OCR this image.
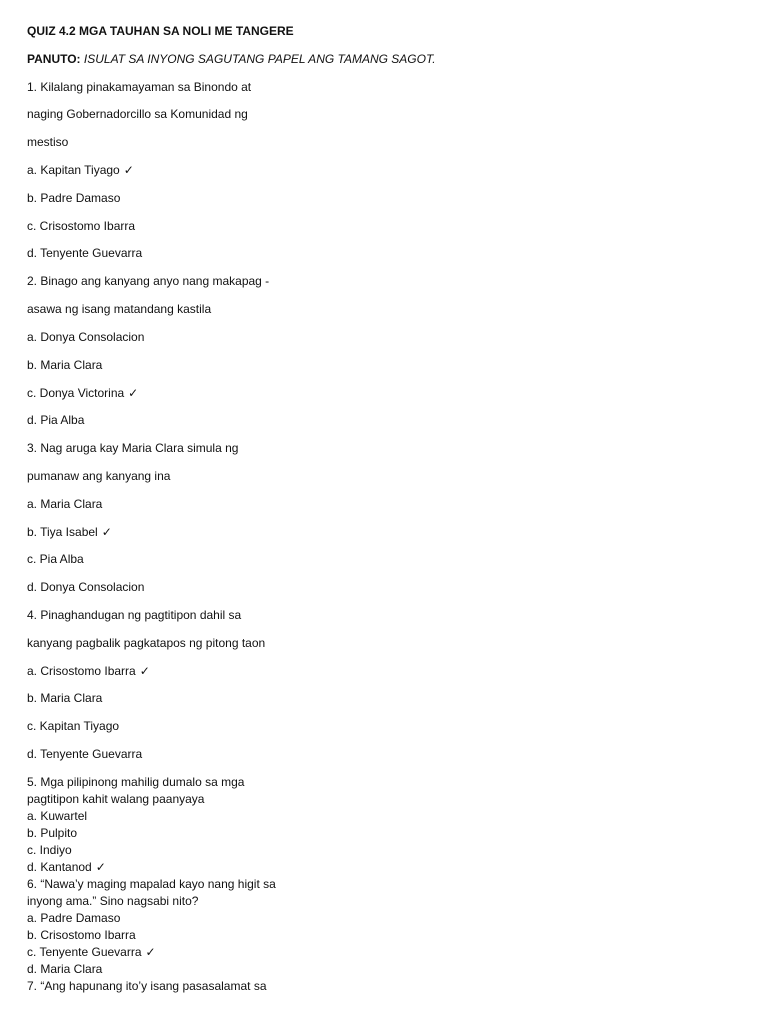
QUIZ 4.2 MGA TAUHAN SA NOLI ME TANGERE
PANUTO: ISULAT SA INYONG SAGUTANG PAPEL ANG TAMANG SAGOT.
1. Kilalang pinakamayaman sa Binondo at
naging Gobernadorcillo sa Komunidad ng
mestiso
a. Kapitan Tiyago ✓
b. Padre Damaso
c. Crisostomo Ibarra
d. Tenyente Guevarra
2. Binago ang kanyang anyo nang makapag -
asawa ng isang matandang kastila
a. Donya Consolacion
b. Maria Clara
c. Donya Victorina ✓
d. Pia Alba
3. Nag aruga kay Maria Clara simula ng
pumanaw ang kanyang ina
a. Maria Clara
b. Tiya Isabel ✓
c. Pia Alba
d. Donya Consolacion
4. Pinaghandugan ng pagtitipon dahil sa
kanyang pagbalik pagkatapos ng pitong taon
a. Crisostomo Ibarra ✓
b. Maria Clara
c. Kapitan Tiyago
d. Tenyente Guevarra
5. Mga pilipinong mahilig dumalo sa mga
pagtitipon kahit walang paanyaya
a. Kuwartel
b. Pulpito
c. Indiyo
d. Kantanod ✓
6. “Nawa’y maging mapalad kayo nang higit sa
inyong ama.” Sino nagsabi nito?
a. Padre Damaso
b. Crisostomo Ibarra
c. Tenyente Guevarra ✓
d. Maria Clara
7. “Ang hapunang ito’y isang pasasalamat sa
